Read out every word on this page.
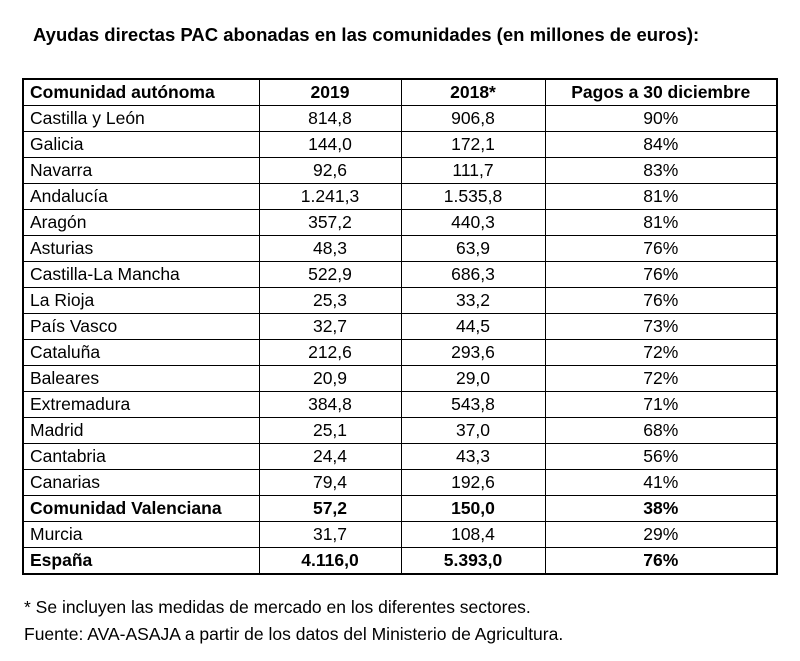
Ayudas directas PAC abonadas en las comunidades (en millones de euros):
Comunidad autónoma	2019	2018*	Pagos a 30 diciembre
Castilla y León	814,8	906,8	90%
Galicia	144,0	172,1	84%
Navarra	92,6	111,7	83%
Andalucía	1.241,3	1.535,8	81%
Aragón	357,2	440,3	81%
Asturias	48,3	63,9	76%
Castilla-La Mancha	522,9	686,3	76%
La Rioja	25,3	33,2	76%
País Vasco	32,7	44,5	73%
Cataluña	212,6	293,6	72%
Baleares	20,9	29,0	72%
Extremadura	384,8	543,8	71%
Madrid	25,1	37,0	68%
Cantabria	24,4	43,3	56%
Canarias	79,4	192,6	41%
Comunidad Valenciana	57,2	150,0	38%
Murcia	31,7	108,4	29%
España	4.116,0	5.393,0	76%
* Se incluyen las medidas de mercado en los diferentes sectores.
Fuente: AVA-ASAJA a partir de los datos del Ministerio de Agricultura.
